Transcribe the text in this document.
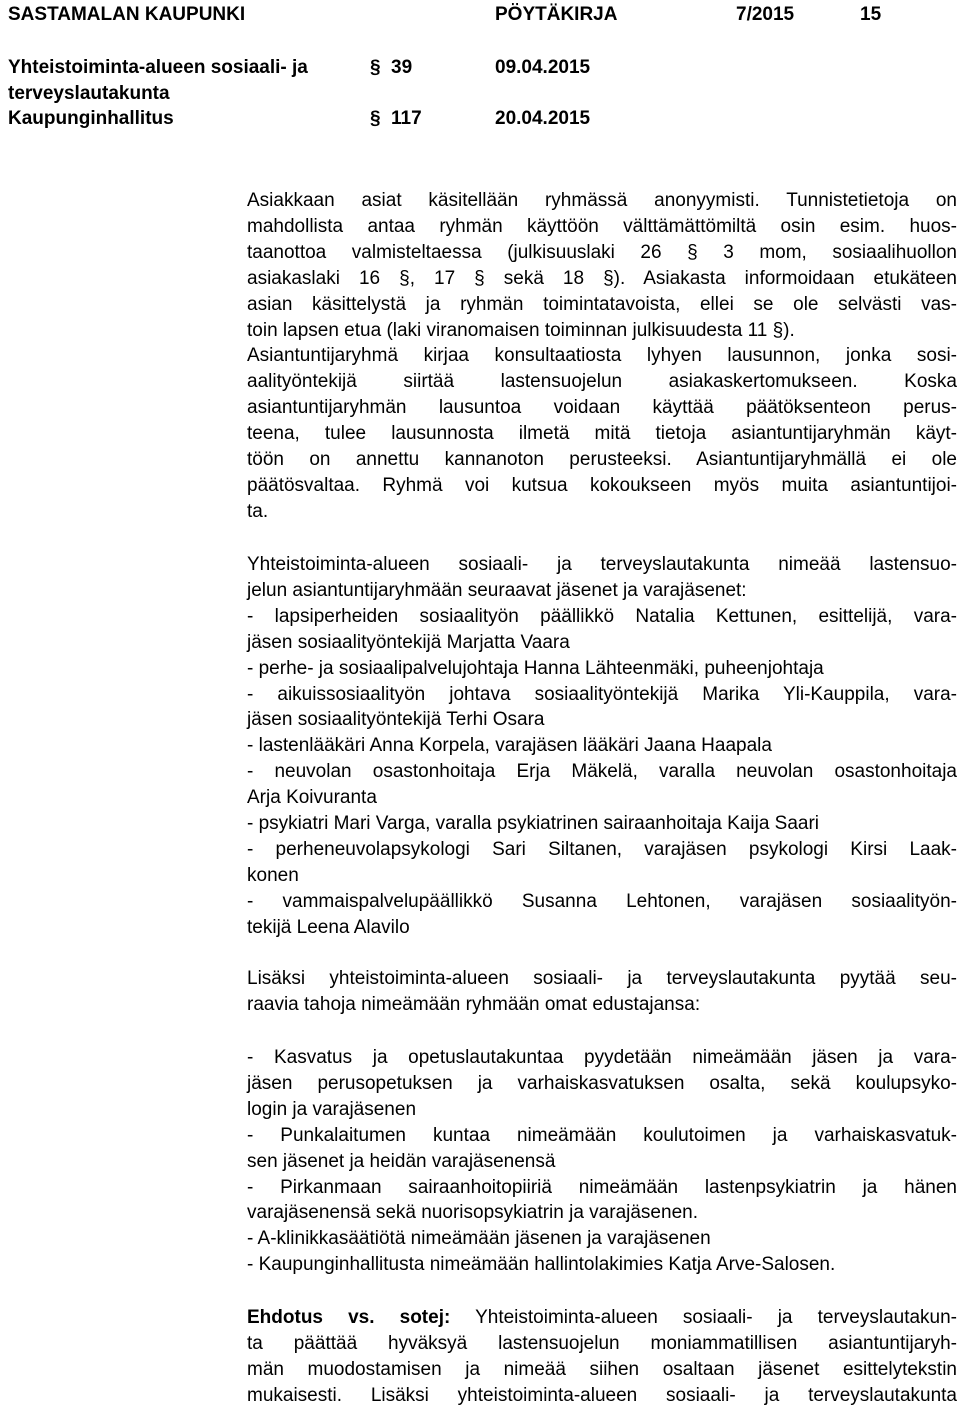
SASTAMALAN KAUPUNKI	PÖYTÄKIRJA	7/2015	15
Yhteistoiminta-alueen sosiaali- ja
terveyslautakunta
§ 39	09.04.2015
Kaupunginhallitus	§ 117	20.04.2015
Asiakkaan asiat käsitellään ryhmässä anonyymisti. Tunnistetietoja on
mahdollista antaa ryhmän käyttöön välttämättömiltä osin esim. huos-
taanottoa valmisteltaessa (julkisuuslaki 26 § 3 mom, sosiaalihuollon
asiakaslaki 16 §, 17 § sekä 18 §). Asiakasta informoidaan etukäteen
asian käsittelystä ja ryhmän toimintatavoista, ellei se ole selvästi vas-
toin lapsen etua (laki viranomaisen toiminnan julkisuudesta 11 §).
Asiantuntijaryhmä kirjaa konsultaatiosta lyhyen lausunnon, jonka sosi-
aalityöntekijä siirtää lastensuojelun asiakaskertomukseen. Koska
asiantuntijaryhmän lausuntoa voidaan käyttää päätöksenteon perus-
teena, tulee lausunnosta ilmetä mitä tietoja asiantuntijaryhmän käyt-
töön on annettu kannanoton perusteeksi. Asiantuntijaryhmällä ei ole
päätösvaltaa. Ryhmä voi kutsua kokoukseen myös muita asiantuntijoi-
ta.
Yhteistoiminta-alueen sosiaali- ja terveyslautakunta nimeää lastensuo-
jelun asiantuntijaryhmään seuraavat jäsenet ja varajäsenet:
- lapsiperheiden sosiaalityön päällikkö Natalia Kettunen, esittelijä, vara-
jäsen sosiaalityöntekijä Marjatta Vaara
- perhe- ja sosiaalipalvelujohtaja Hanna Lähteenmäki, puheenjohtaja
- aikuissosiaalityön johtava sosiaalityöntekijä Marika Yli-Kauppila, vara-
jäsen sosiaalityöntekijä Terhi Osara
- lastenlääkäri Anna Korpela, varajäsen lääkäri Jaana Haapala
- neuvolan osastonhoitaja Erja Mäkelä, varalla neuvolan osastonhoitaja
Arja Koivuranta
- psykiatri Mari Varga, varalla psykiatrinen sairaanhoitaja Kaija Saari
- perheneuvolapsykologi Sari Siltanen, varajäsen psykologi Kirsi Laak-
konen
- vammaispalvelupäällikkö Susanna Lehtonen, varajäsen sosiaalityön-
tekijä Leena Alavilo
Lisäksi yhteistoiminta-alueen sosiaali- ja terveyslautakunta pyytää seu-
raavia tahoja nimeämään ryhmään omat edustajansa:
- Kasvatus ja opetuslautakuntaa pyydetään nimeämään jäsen ja vara-
jäsen perusopetuksen ja varhaiskasvatuksen osalta, sekä koulupsyko-
login ja varajäsenen
- Punkalaitumen kuntaa nimeämään koulutoimen ja varhaiskasvatuk-
sen jäsenet ja heidän varajäsenensä
- Pirkanmaan sairaanhoitopiiriä nimeämään lastenpsykiatrin ja hänen
varajäsenensä sekä nuorisopsykiatrin ja varajäsenen.
- A-klinikkasäätiötä nimeämään jäsenen ja varajäsenen
- Kaupunginhallitusta nimeämään hallintolakimies Katja Arve-Salosen.
Ehdotus vs. sotej: Yhteistoiminta-alueen sosiaali- ja terveyslautakun-
ta päättää hyväksyä lastensuojelun moniammatillisen asiantuntijaryh-
män muodostamisen ja nimeää siihen osaltaan jäsenet esittelytekstin
mukaisesti. Lisäksi yhteistoiminta-alueen sosiaali- ja terveyslautakunta
